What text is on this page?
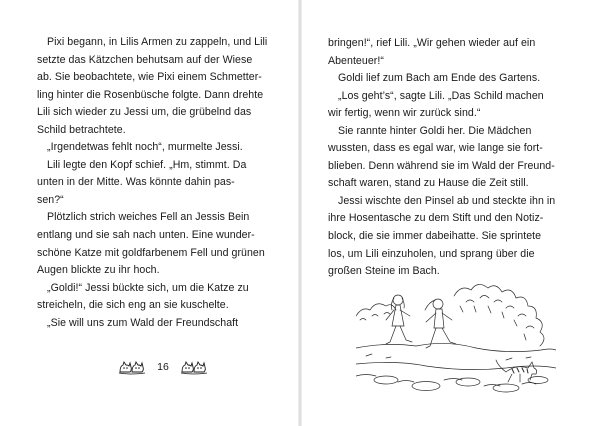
Pixi begann, in Lilis Armen zu zappeln, und Lili
setzte das Kätzchen behutsam auf der Wiese
ab. Sie beobachtete, wie Pixi einem Schmetter-
ling hinter die Rosenbüsche folgte. Dann drehte
Lili sich wieder zu Jessi um, die grübelnd das
Schild betrachtete.
„Irgendetwas fehlt noch“, murmelte Jessi.
Lili legte den Kopf schief. „Hm, stimmt. Da
unten in der Mitte. Was könnte dahin pas-
sen?“
Plötzlich strich weiches Fell an Jessis Bein
entlang und sie sah nach unten. Eine wunder-
schöne Katze mit goldfarbenem Fell und grünen
Augen blickte zu ihr hoch.
„Goldi!“ Jessi bückte sich, um die Katze zu
streicheln, die sich eng an sie kuschelte.
„Sie will uns zum Wald der Freundschaft
16
bringen!“, rief Lili. „Wir gehen wieder auf ein
Abenteuer!“
Goldi lief zum Bach am Ende des Gartens.
„Los geht’s“, sagte Lili. „Das Schild machen
wir fertig, wenn wir zurück sind.“
Sie rannte hinter Goldi her. Die Mädchen
wussten, dass es egal war, wie lange sie fort-
blieben. Denn während sie im Wald der Freund-
schaft waren, stand zu Hause die Zeit still.
Jessi wischte den Pinsel ab und steckte ihn in
ihre Hosentasche zu dem Stift und den Notiz-
block, die sie immer dabeihatte. Sie sprintete
los, um Lili einzuholen, und sprang über die
großen Steine im Bach.
